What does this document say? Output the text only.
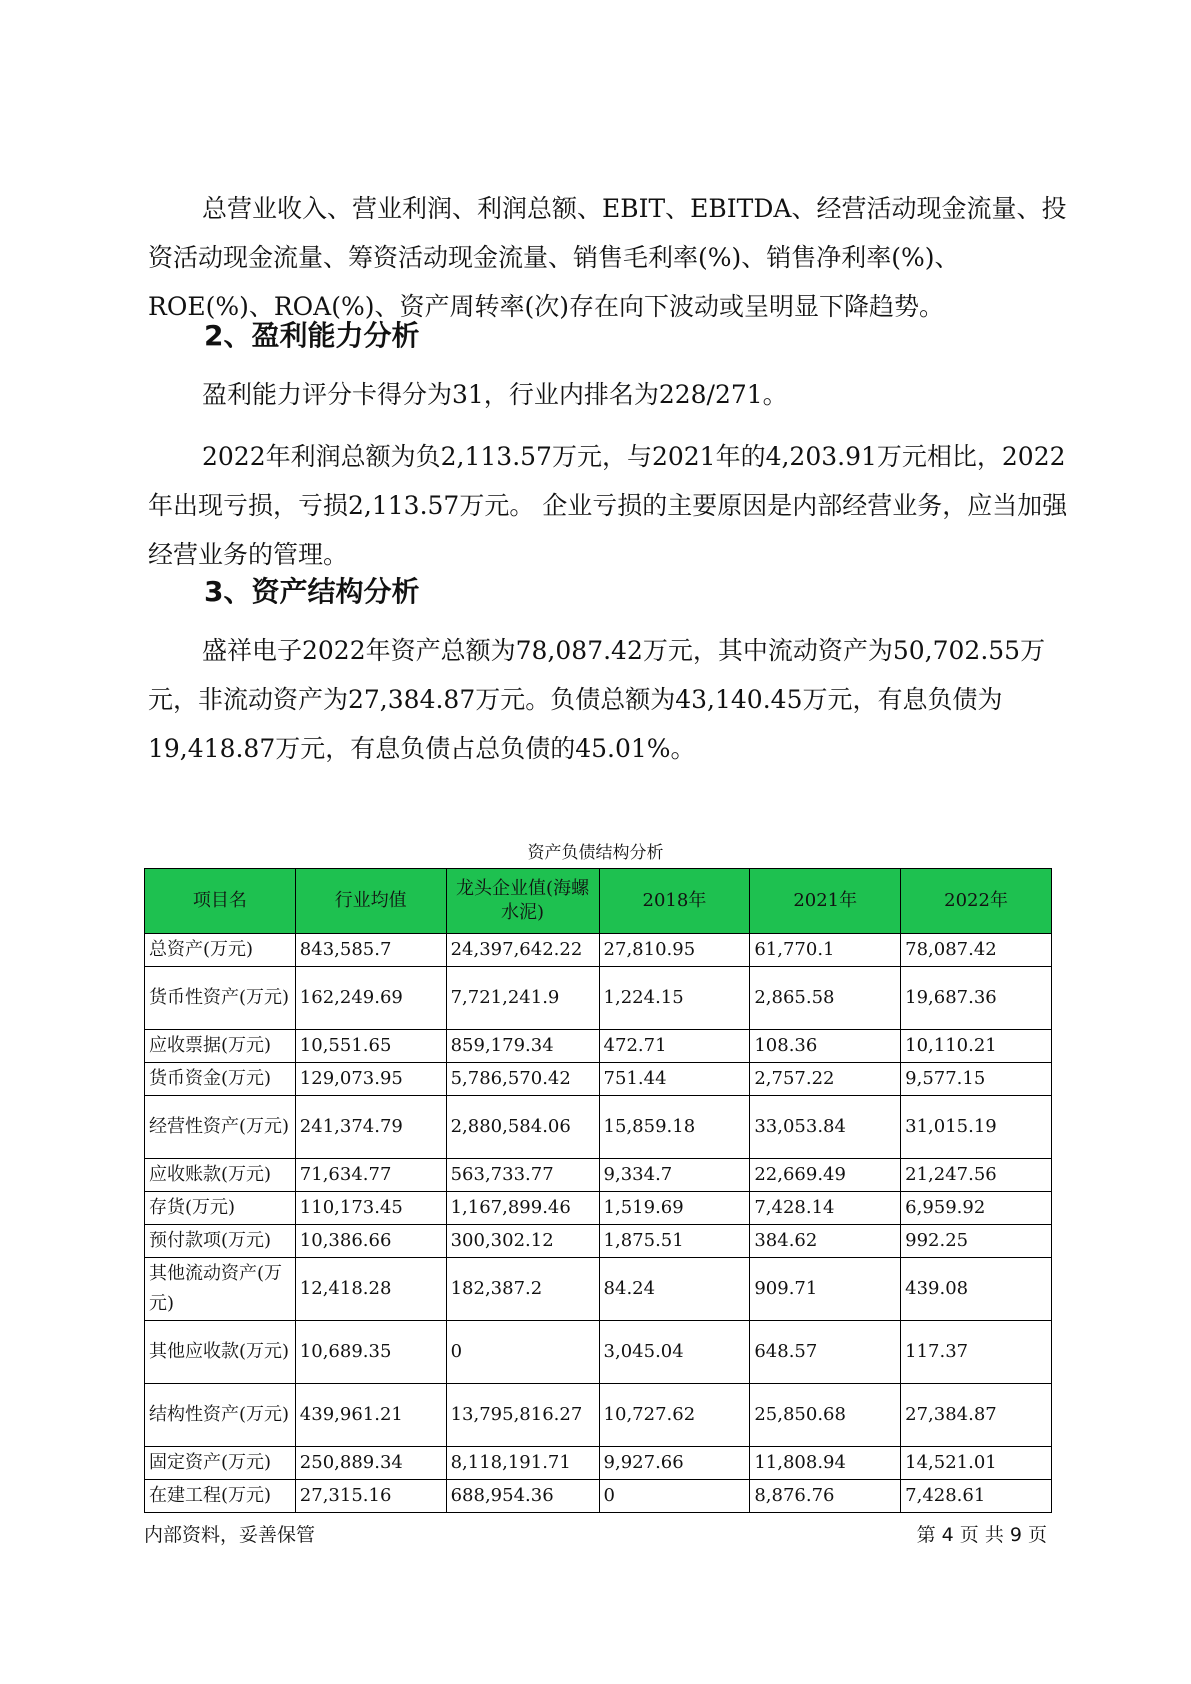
总营业收入、营业利润、利润总额、EBIT、EBITDA、经营活动现金流量、投资活动现金流量、筹资活动现金流量、销售毛利率(%)、销售净利率(%)、ROE(%)、ROA(%)、资产周转率(次)存在向下波动或呈明显下降趋势。

2、盈利能力分析

盈利能力评分卡得分为31，行业内排名为228/271。

2022年利润总额为负2,113.57万元，与2021年的4,203.91万元相比，2022年出现亏损，亏损2,113.57万元。 企业亏损的主要原因是内部经营业务，应当加强经营业务的管理。

3、资产结构分析

盛祥电子2022年资产总额为78,087.42万元，其中流动资产为50,702.55万元，非流动资产为27,384.87万元。负债总额为43,140.45万元，有息负债为19,418.87万元，有息负债占总负债的45.01%。

资产负债结构分析
项目名	行业均值	龙头企业值(海螺水泥)	2018年	2021年	2022年
总资产(万元)	843,585.7	24,397,642.22	27,810.95	61,770.1	78,087.42
货币性资产(万元)	162,249.69	7,721,241.9	1,224.15	2,865.58	19,687.36
应收票据(万元)	10,551.65	859,179.34	472.71	108.36	10,110.21
货币资金(万元)	129,073.95	5,786,570.42	751.44	2,757.22	9,577.15
经营性资产(万元)	241,374.79	2,880,584.06	15,859.18	33,053.84	31,015.19
应收账款(万元)	71,634.77	563,733.77	9,334.7	22,669.49	21,247.56
存货(万元)	110,173.45	1,167,899.46	1,519.69	7,428.14	6,959.92
预付款项(万元)	10,386.66	300,302.12	1,875.51	384.62	992.25
其他流动资产(万元)	12,418.28	182,387.2	84.24	909.71	439.08
其他应收款(万元)	10,689.35	0	3,045.04	648.57	117.37
结构性资产(万元)	439,961.21	13,795,816.27	10,727.62	25,850.68	27,384.87
固定资产(万元)	250,889.34	8,118,191.71	9,927.66	11,808.94	14,521.01
在建工程(万元)	27,315.16	688,954.36	0	8,876.76	7,428.61
内部资料，妥善保管	第 4 页 共 9 页
